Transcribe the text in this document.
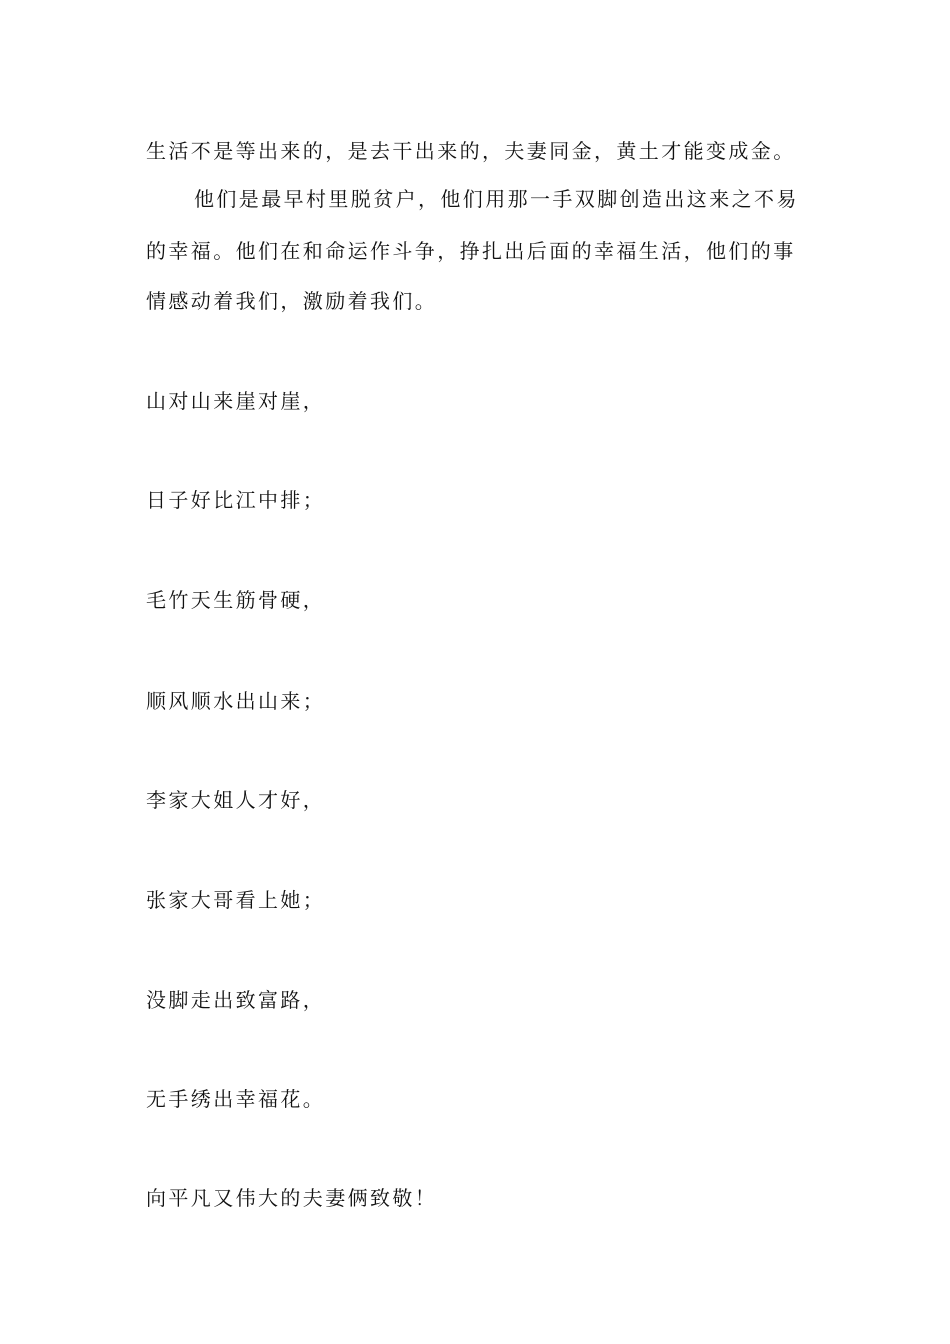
生活不是等出来的，是去干出来的，夫妻同金，黄土才能变成金。
他们是最早村里脱贫户，他们用那一手双脚创造出这来之不易
的幸福。他们在和命运作斗争，挣扎出后面的幸福生活，他们的事
情感动着我们，激励着我们。
山对山来崖对崖，
日子好比江中排；
毛竹天生筋骨硬，
顺风顺水出山来；
李家大姐人才好，
张家大哥看上她；
没脚走出致富路，
无手绣出幸福花。
向平凡又伟大的夫妻俩致敬！
